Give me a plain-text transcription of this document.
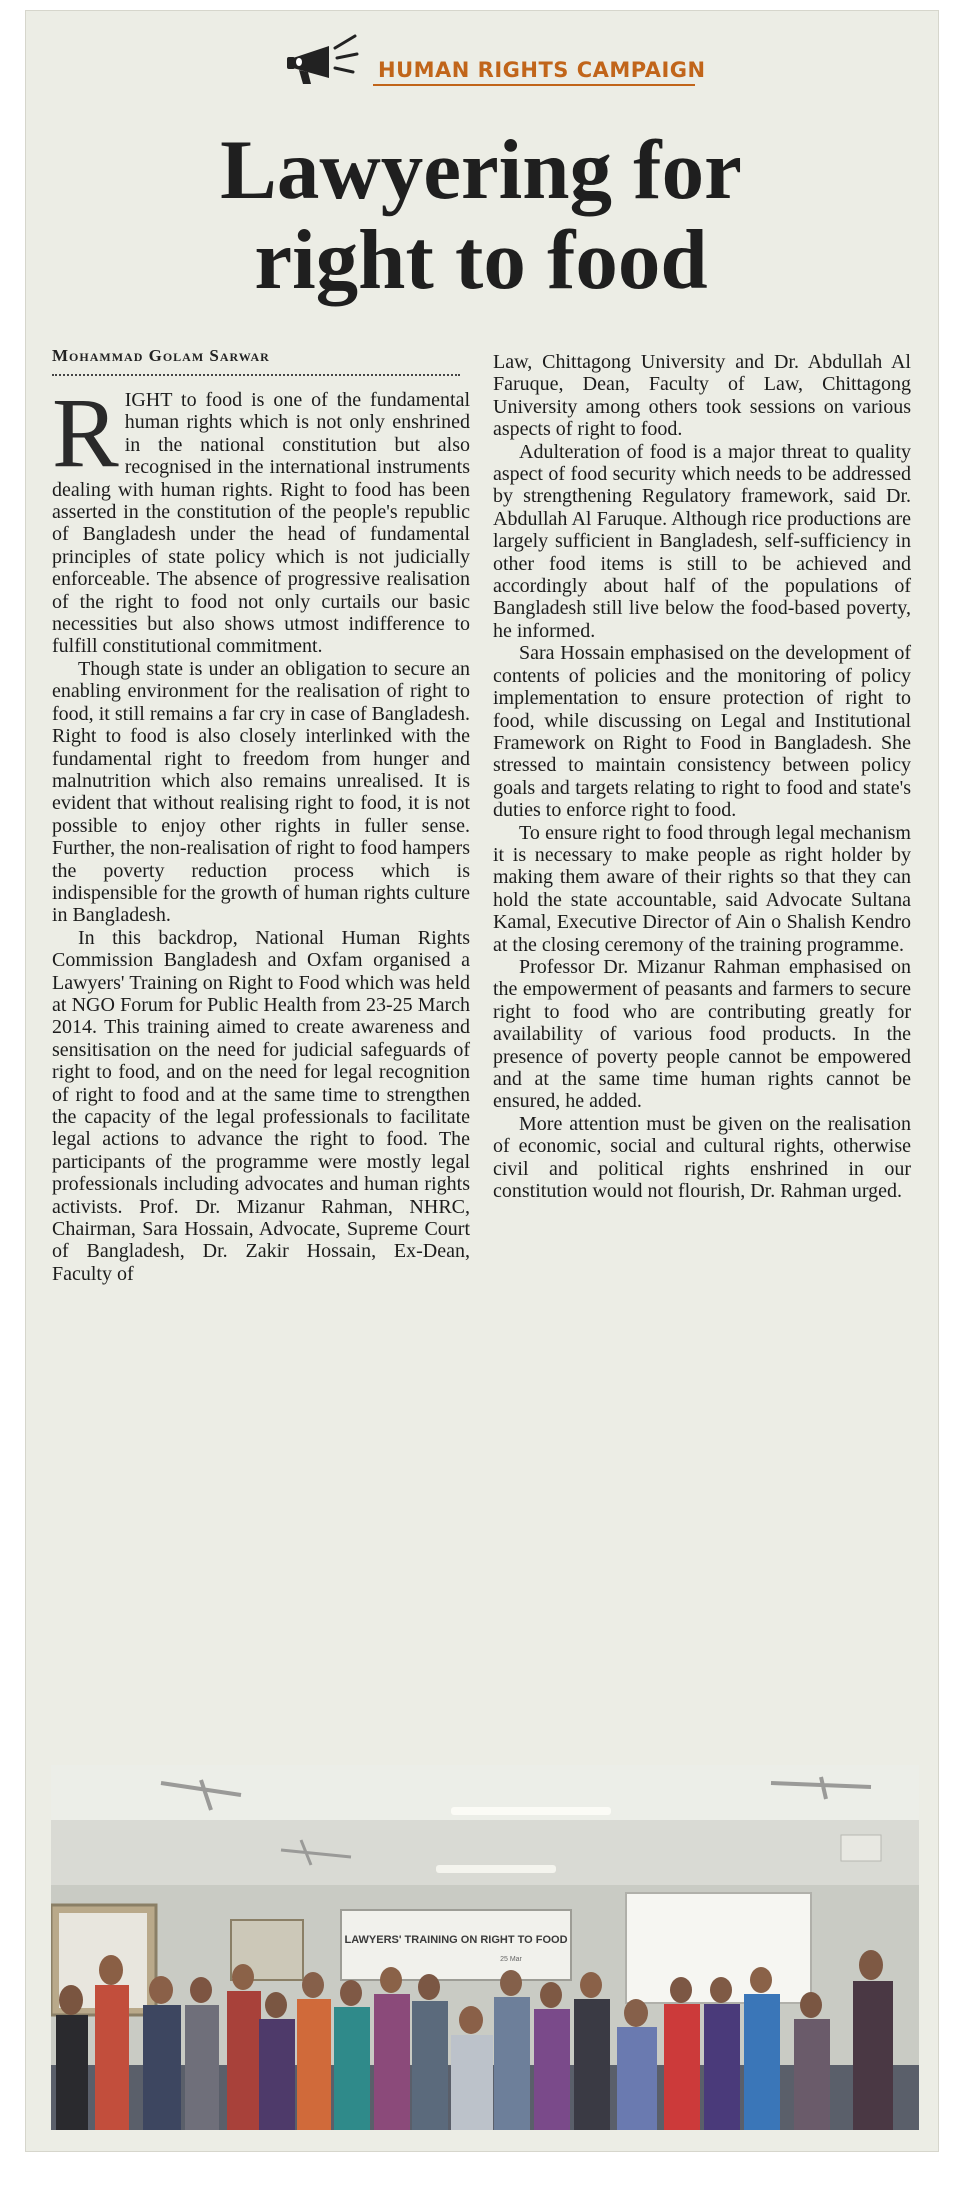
HUMAN RIGHTS CAMPAIGN
Lawyering for
right to food
Mohammad Golam Sarwar

RIGHT to food is one of the fundamental human rights which is not only enshrined in the national constitution but also recognised in the international instruments dealing with human rights. Right to food has been asserted in the constitution of the people's republic of Bangladesh under the head of fundamental principles of state policy which is not judicially enforceable. The absence of progressive realisation of the right to food not only curtails our basic necessities but also shows utmost indifference to fulfill constitutional commitment.

Though state is under an obligation to secure an enabling environment for the realisation of right to food, it still remains a far cry in case of Bangladesh. Right to food is also closely interlinked with the fundamental right to freedom from hunger and malnutrition which also remains unrealised. It is evident that without realising right to food, it is not possible to enjoy other rights in fuller sense. Further, the non-realisation of right to food hampers the poverty reduction process which is indispensible for the growth of human rights culture in Bangladesh.

In this backdrop, National Human Rights Commission Bangladesh and Oxfam organised a Lawyers' Training on Right to Food which was held at NGO Forum for Public Health from 23-25 March 2014. This training aimed to create awareness and sensitisation on the need for judicial safeguards of right to food, and on the need for legal recognition of right to food and at the same time to strengthen the capacity of the legal professionals to facilitate legal actions to advance the right to food. The participants of the programme were mostly legal professionals including advocates and human rights activists. Prof. Dr. Mizanur Rahman, NHRC, Chairman, Sara Hossain, Advocate, Supreme Court of Bangladesh, Dr. Zakir Hossain, Ex-Dean, Faculty of

Law, Chittagong University and Dr. Abdullah Al Faruque, Dean, Faculty of Law, Chittagong University among others took sessions on various aspects of right to food.

Adulteration of food is a major threat to quality aspect of food security which needs to be addressed by strengthening Regulatory framework, said Dr. Abdullah Al Faruque. Although rice productions are largely sufficient in Bangladesh, self-sufficiency in other food items is still to be achieved and accordingly about half of the populations of Bangladesh still live below the food-based poverty, he informed.

Sara Hossain emphasised on the development of contents of policies and the monitoring of policy implementation to ensure protection of right to food, while discussing on Legal and Institutional Framework on Right to Food in Bangladesh. She stressed to maintain consistency between policy goals and targets relating to right to food and state's duties to enforce right to food.

To ensure right to food through legal mechanism it is necessary to make people as right holder by making them aware of their rights so that they can hold the state accountable, said Advocate Sultana Kamal, Executive Director of Ain o Shalish Kendro at the closing ceremony of the training programme.

Professor Dr. Mizanur Rahman emphasised on the empowerment of peasants and farmers to secure right to food who are contributing greatly for availability of various food products. In the presence of poverty people cannot be empowered and at the same time human rights cannot be ensured, he added.

More attention must be given on the realisation of economic, social and cultural rights, otherwise civil and political rights enshrined in our constitution would not flourish, Dr. Rahman urged.

LAWYERS' TRAINING ON RIGHT TO FOOD
25 Mar
